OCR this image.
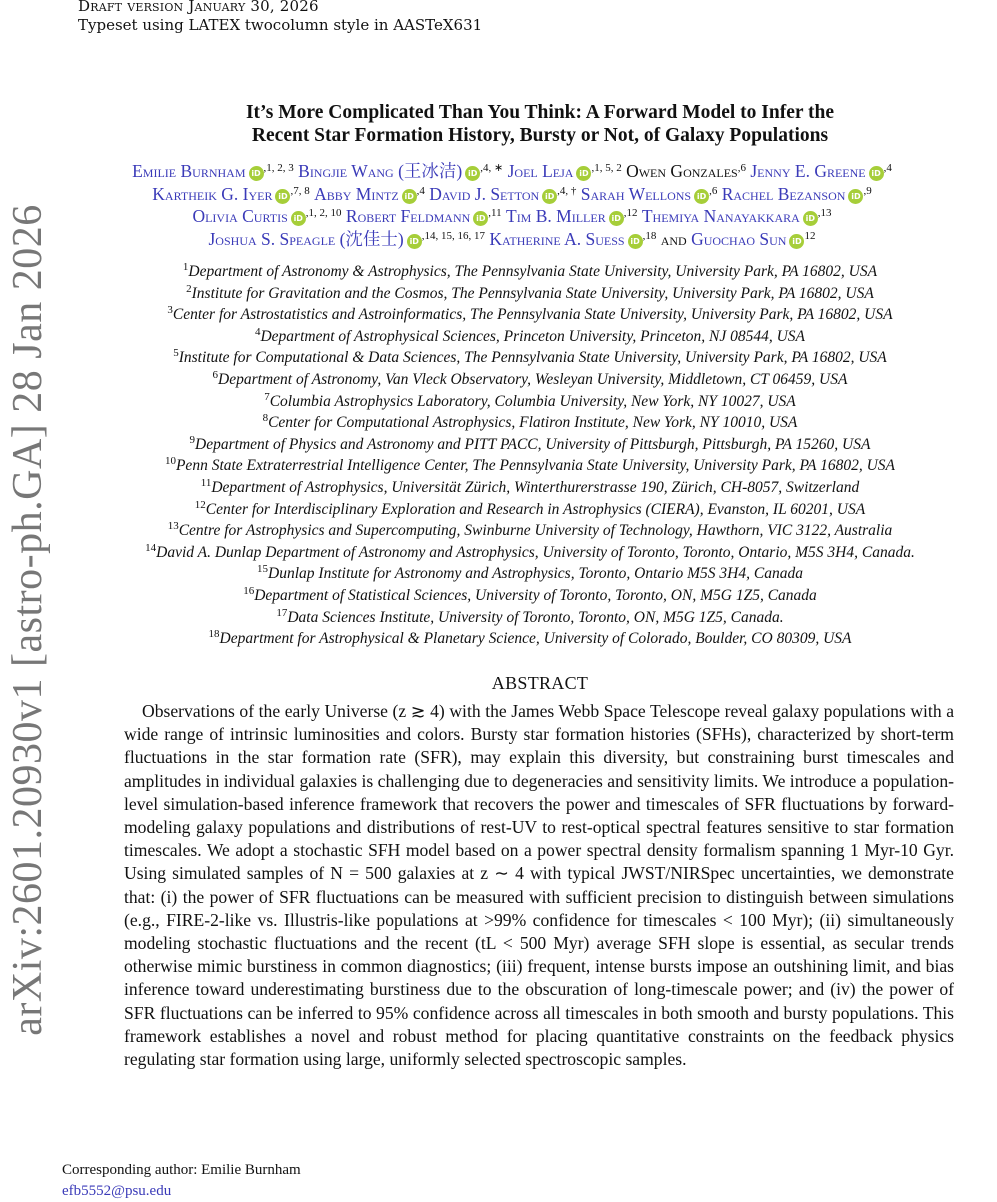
Draft version January 30, 2026
Typeset using LATEX twocolumn style in AASTeX631
arXiv:2601.20930v1 [astro-ph.GA] 28 Jan 2026
It’s More Complicated Than You Think: A Forward Model to Infer the
Recent Star Formation History, Bursty or Not, of Galaxy Populations
Emilie Burnham iD $^{,1, 2, 3}$ Bingjie Wang (王冰洁) iD $^{,4, ∗}$ Joel Leja iD $^{,1, 5, 2}$ Owen Gonzales$^{,6}$ Jenny E. Greene iD $^{,4}$
Kartheik G. Iyer iD $^{,7, 8}$ Abby Mintz iD $^{,4}$ David J. Setton iD $^{,4, \dagger}$ Sarah Wellons iD $^{,6}$ Rachel Bezanson iD $^{,9}$
Olivia Curtis iD $^{,1, 2, 10}$ Robert Feldmann iD $^{,11}$ Tim B. Miller iD $^{,12}$ Themiya Nanayakkara iD $^{,13}$
Joshua S. Speagle (沈佳士) iD $^{,14, 15, 16, 17}$ Katherine A. Suess iD $^{,18}$ and Guochao Sun iD $^{12}$
$^1$Department of Astronomy & Astrophysics, The Pennsylvania State University, University Park, PA 16802, USA
$^2$Institute for Gravitation and the Cosmos, The Pennsylvania State University, University Park, PA 16802, USA
$^3$Center for Astrostatistics and Astroinformatics, The Pennsylvania State University, University Park, PA 16802, USA
$^4$Department of Astrophysical Sciences, Princeton University, Princeton, NJ 08544, USA
$^5$Institute for Computational & Data Sciences, The Pennsylvania State University, University Park, PA 16802, USA
$^6$Department of Astronomy, Van Vleck Observatory, Wesleyan University, Middletown, CT 06459, USA
$^7$Columbia Astrophysics Laboratory, Columbia University, New York, NY 10027, USA
$^8$Center for Computational Astrophysics, Flatiron Institute, New York, NY 10010, USA
$^9$Department of Physics and Astronomy and PITT PACC, University of Pittsburgh, Pittsburgh, PA 15260, USA
$^{10}$Penn State Extraterrestrial Intelligence Center, The Pennsylvania State University, University Park, PA 16802, USA
$^{11}$Department of Astrophysics, Universität Zürich, Winterthurerstrasse 190, Zürich, CH-8057, Switzerland
$^{12}$Center for Interdisciplinary Exploration and Research in Astrophysics (CIERA), Evanston, IL 60201, USA
$^{13}$Centre for Astrophysics and Supercomputing, Swinburne University of Technology, Hawthorn, VIC 3122, Australia
$^{14}$David A. Dunlap Department of Astronomy and Astrophysics, University of Toronto, Toronto, Ontario, M5S 3H4, Canada.
$^{15}$Dunlap Institute for Astronomy and Astrophysics, Toronto, Ontario M5S 3H4, Canada
$^{16}$Department of Statistical Sciences, University of Toronto, Toronto, ON, M5G 1Z5, Canada
$^{17}$Data Sciences Institute, University of Toronto, Toronto, ON, M5G 1Z5, Canada.
$^{18}$Department for Astrophysical & Planetary Science, University of Colorado, Boulder, CO 80309, USA
ABSTRACT
Observations of the early Universe (z ≳ 4) with the James Webb Space Telescope reveal galaxy populations with a wide range of intrinsic luminosities and colors. Bursty star formation histories (SFHs), characterized by short-term fluctuations in the star formation rate (SFR), may explain this diversity, but constraining burst timescales and amplitudes in individual galaxies is challenging due to degeneracies and sensitivity limits. We introduce a population-level simulation-based inference framework that recovers the power and timescales of SFR fluctuations by forward-modeling galaxy populations and distributions of rest-UV to rest-optical spectral features sensitive to star formation timescales. We adopt a stochastic SFH model based on a power spectral density formalism spanning 1 Myr-10 Gyr. Using simulated samples of N = 500 galaxies at z ∼ 4 with typical JWST/NIRSpec uncertainties, we demonstrate that: (i) the power of SFR fluctuations can be measured with sufficient precision to distinguish between simulations (e.g., FIRE-2-like vs. Illustris-like populations at >99% confidence for timescales < 100 Myr); (ii) simultaneously modeling stochastic fluctuations and the recent (tL < 500 Myr) average SFH slope is essential, as secular trends otherwise mimic burstiness in common diagnostics; (iii) frequent, intense bursts impose an outshining limit, and bias inference toward underestimating burstiness due to the obscuration of long-timescale power; and (iv) the power of SFR fluctuations can be inferred to 95% confidence across all timescales in both smooth and bursty populations. This framework establishes a novel and robust method for placing quantitative constraints on the feedback physics regulating star formation using large, uniformly selected spectroscopic samples.
Corresponding author: Emilie Burnham
efb5552@psu.edu
